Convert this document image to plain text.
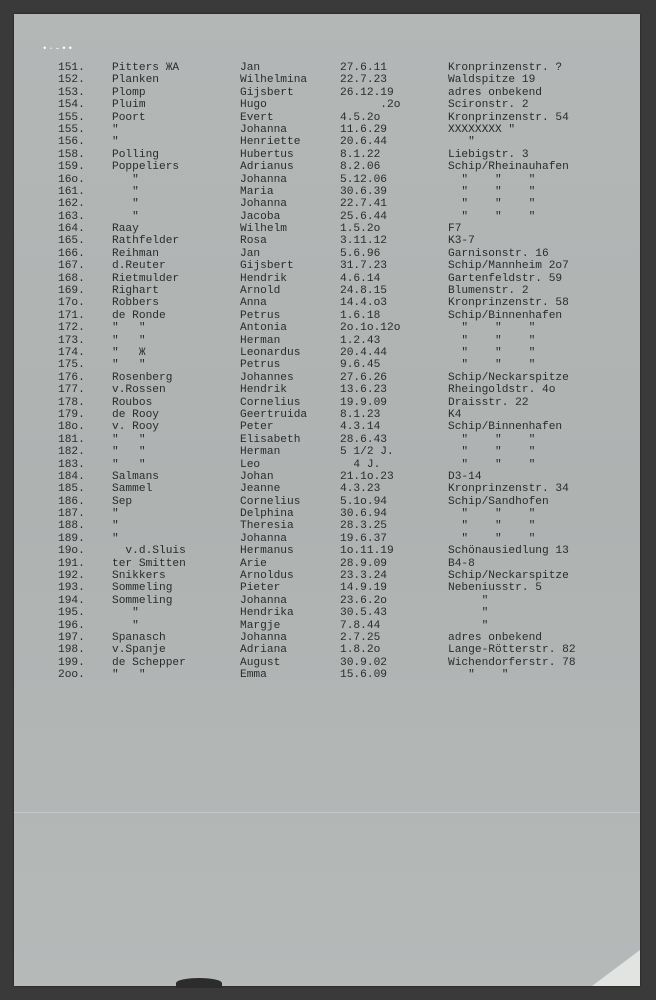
•·-••
151. Pitters ЖА	Jan	27.6.11	Kronprinzenstr. ?
152. Planken	Wilhelmina	22.7.23	Waldspitze 19
153. Plomp	Gijsbert	26.12.19	adres onbekend
154. Pluim	Hugo	.2o	Scironstr. 2
155. Poort	Evert	4.5.2o	Kronprinzenstr. 54
155. "	Johanna	11.6.29	XXXXXXXX "
156. "	Henriette	20.6.44	"
158. Polling	Hubertus	8.1.22	Liebigstr. 3
159. Poppeliers	Adrianus	8.2.06	Schip/Rheinauhafen
16o. "	Johanna	5.12.06	"    "    "
161. "	Maria	30.6.39	"    "    "
162. "	Johanna	22.7.41	"    "    "
163. "	Jacoba	25.6.44	"    "    "
164. Raay	Wilhelm	1.5.2o	F7
165. Rathfelder	Rosa	3.11.12	K3-7
166. Reihman	Jan	5.6.96	Garnisonstr. 16
167. d.Reuter	Gijsbert	31.7.23	Schip/Mannheim 2o7
168. Rietmulder	Hendrik	4.6.14	Gartenfeldstr. 59
169. Righart	Arnold	24.8.15	Blumenstr. 2
17o. Robbers	Anna	14.4.o3	Kronprinzenstr. 58
171. de Ronde	Petrus	1.6.18	Schip/Binnenhafen
172. "   "	Antonia	2o.1o.12o	"    "    "
173. "   "	Herman	1.2.43	"    "    "
174. "   Ж	Leonardus	20.4.44	"    "    "
175. "   "	Petrus	9.6.45	"    "    "
176. Rosenberg	Johannes	27.6.26	Schip/Neckarspitze
177. v.Rossen	Hendrik	13.6.23	Rheingoldstr. 4o
178. Roubos	Cornelius	19.9.09	Draisstr. 22
179. de Rooy	Geertruida	8.1.23	K4
18o. v. Rooy	Peter	4.3.14	Schip/Binnenhafen
181. "   "	Elisabeth	28.6.43	"    "    "
182. "   "	Herman	5 1/2 J.	"    "    "
183. "   "	Leo	4 J.	"    "    "
184. Salmans	Johan	21.1o.23	D3-14
185. Sammel	Jeanne	4.3.23	Kronprinzenstr. 34
186. Sep	Cornelius	5.1o.94	Schip/Sandhofen
187. "	Delphina	30.6.94	"    "    "
188. "	Theresia	28.3.25	"    "    "
189. "	Johanna	19.6.37	"    "    "
19o. v.d.Sluis	Hermanus	1o.11.19	Schönausiedlung 13
191. ter Smitten	Arie	28.9.09	B4-8
192. Snikkers	Arnoldus	23.3.24	Schip/Neckarspitze
193. Sommeling	Pieter	14.9.19	Nebeniusstr. 5
194. Sommeling	Johanna	23.6.2o	"
195. "	Hendrika	30.5.43	"
196. "	Margje	7.8.44	"
197. Spanasch	Johanna	2.7.25	adres onbekend
198. v.Spanje	Adriana	1.8.2o	Lange-Rötterstr. 82
199. de Schepper	August	30.9.02	Wichendorferstr. 78
2oo. "   "	Emma	15.6.09	"    "
